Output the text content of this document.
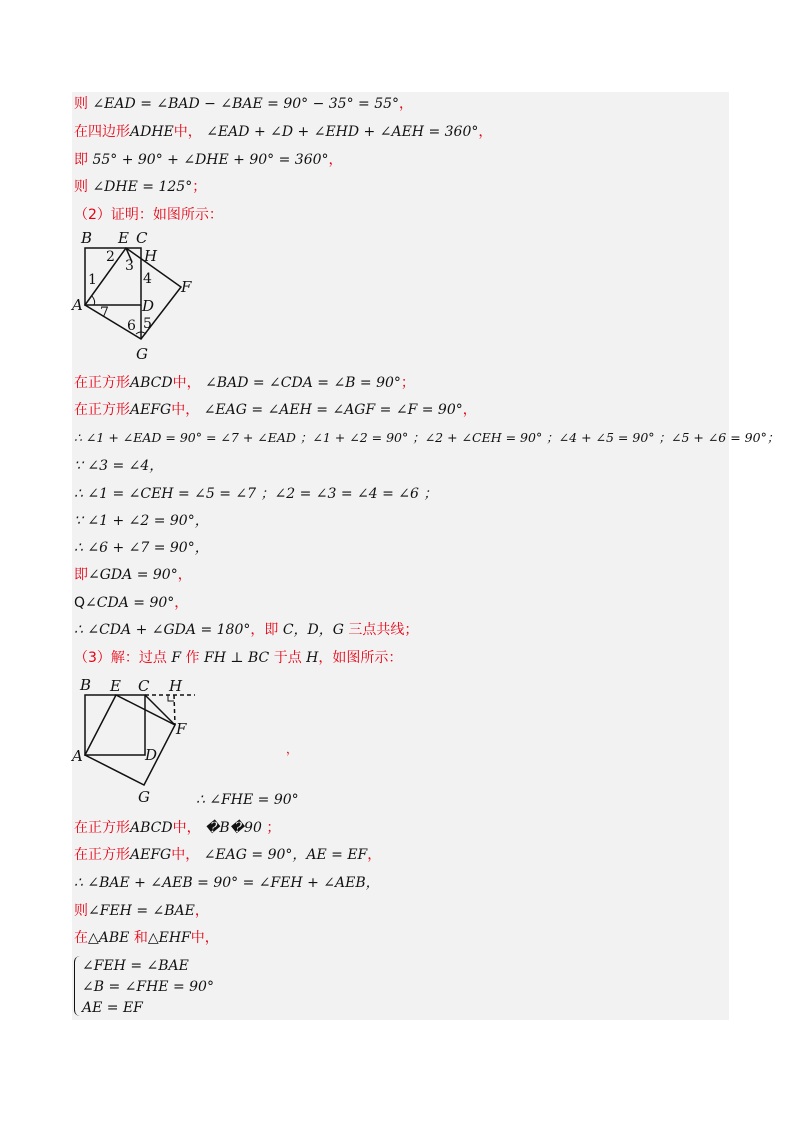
则 ∠EAD = ∠BAD − ∠BAE = 90° − 35° = 55°，
在四边形ADHE中， ∠EAD + ∠D + ∠EHD + ∠AEH = 360°，
即 55° + 90° + ∠DHE + 90° = 360°，
则 ∠DHE = 125°；
（2）证明：如图所示：
B E C
H
F
A	D
G
1
2
3
4
5
6
7
在正方形ABCD中， ∠BAD = ∠CDA = ∠B = 90°；
在正方形AEFG中， ∠EAG = ∠AEH = ∠AGF = ∠F = 90°，
∴ ∠1 + ∠EAD = 90° = ∠7 + ∠EAD ；∠1 + ∠2 = 90° ；∠2 + ∠CEH = 90° ；∠4 + ∠5 = 90° ；∠5 + ∠6 = 90°；
∵ ∠3 = ∠4，
∴ ∠1 = ∠CEH = ∠5 = ∠7 ；∠2 = ∠3 = ∠4 = ∠6 ；
∵ ∠1 + ∠2 = 90°，
∴ ∠6 + ∠7 = 90°，
即∠GDA = 90°，
Q∠CDA = 90°，
∴ ∠CDA + ∠GDA = 180°，即 C，D，G 三点共线；
（3）解：过点 F 作 FH ⊥ BC 于点 H，如图所示：
B E C H
F
A	D
G
，
∴ ∠FHE = 90°
在正方形ABCD中， �B�90 ；
在正方形AEFG中， ∠EAG = 90°，AE = EF，
∴ ∠BAE + ∠AEB = 90° = ∠FEH + ∠AEB，
则∠FEH = ∠BAE，
在△ABE 和△EHF中，
∠FEH = ∠BAE
∠B = ∠FHE = 90°
AE = EF
